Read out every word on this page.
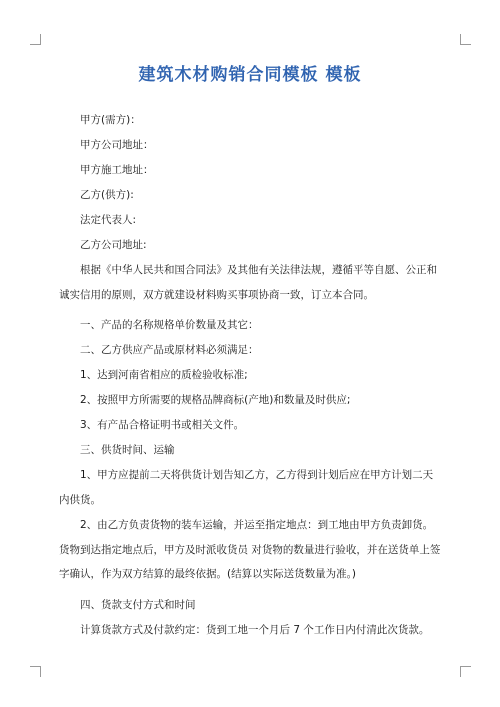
建筑木材购销合同模板 模板
甲方(需方)：
甲方公司地址：
甲方施工地址：
乙方(供方):
法定代表人:
乙方公司地址:
根据《中华人民共和国合同法》及其他有关法律法规，遵循平等自愿、公正和诚实信用的原则，双方就建设材料购买事项协商一致，订立本合同。
一、产品的名称规格单价数量及其它：
二、乙方供应产品或原材料必须满足：
1、达到河南省相应的质检验收标准;
2、按照甲方所需要的规格品牌商标(产地)和数量及时供应;
3、有产品合格证明书或相关文件。
三、供货时间、运输
1、甲方应提前二天将供货计划告知乙方，乙方得到计划后应在甲方计划二天内供货。
2、由乙方负责货物的装车运输，并运至指定地点：到工地由甲方负责卸货。货物到达指定地点后，甲方及时派收货员 对货物的数量进行验收，并在送货单上签字确认，作为双方结算的最终依据。(结算以实际送货数量为准。)
四、货款支付方式和时间
计算货款方式及付款约定：货到工地一个月后 7 个工作日内付清此次货款。
